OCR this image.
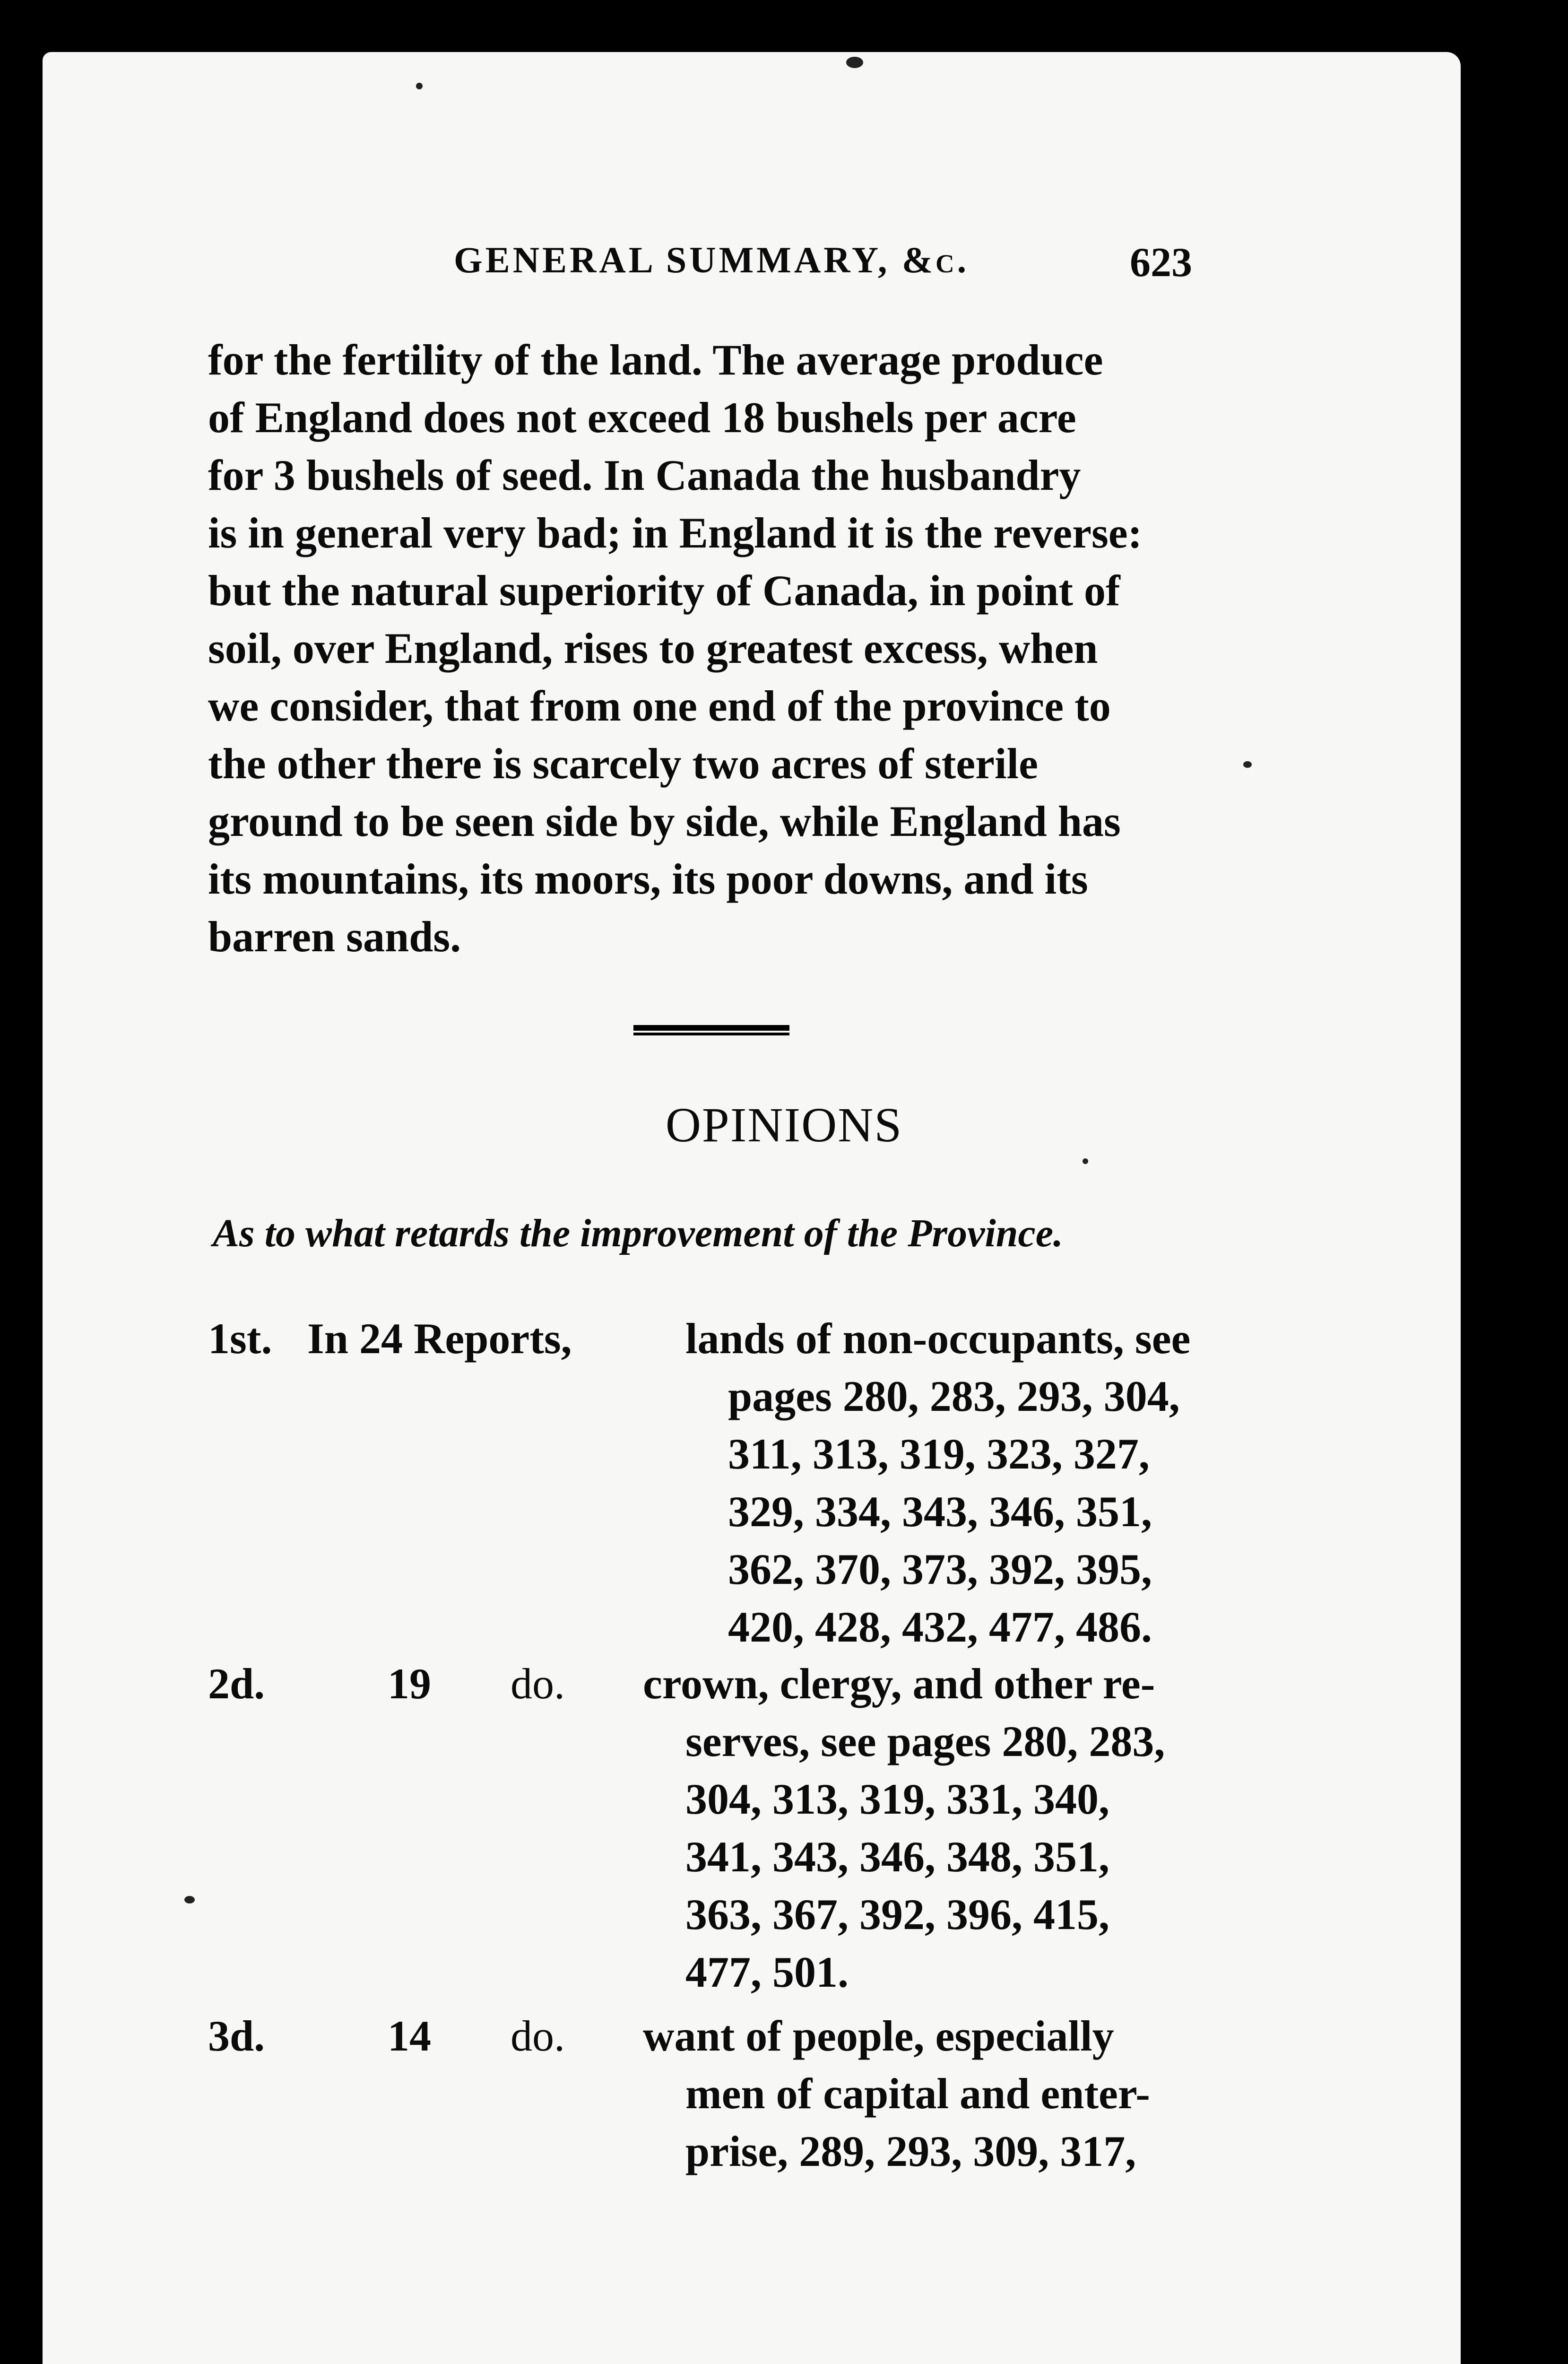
GENERAL SUMMARY, &c.	623
for the fertility of the land. The average produce
of England does not exceed 18 bushels per acre
for 3 bushels of seed. In Canada the husbandry
is in general very bad; in England it is the reverse:
but the natural superiority of Canada, in point of
soil, over England, rises to greatest excess, when
we consider, that from one end of the province to
the other there is scarcely two acres of sterile
ground to be seen side by side, while England has
its mountains, its moors, its poor downs, and its
barren sands.
OPINIONS
As to what retards the improvement of the Province.
1st. In 24 Reports,	lands of non-occupants, see
pages 280, 283, 293, 304,
311, 313, 319, 323, 327,
329, 334, 343, 346, 351,
362, 370, 373, 392, 395,
420, 428, 432, 477, 486.
2d.	19 do. crown, clergy, and other re-
serves, see pages 280, 283,
304, 313, 319, 331, 340,
341, 343, 346, 348, 351,
363, 367, 392, 396, 415,
477, 501.
3d.	14 do. want of people, especially
men of capital and enter-
prise, 289, 293, 309, 317,
